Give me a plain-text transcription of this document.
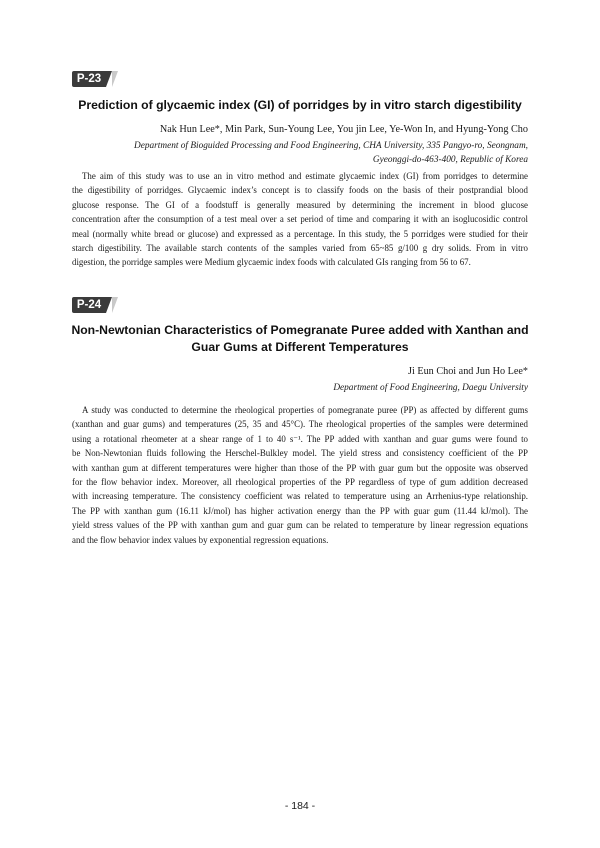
P-23
Prediction of glycaemic index (GI) of porridges by in vitro starch digestibility
Nak Hun Lee*, Min Park, Sun-Young Lee, You jin Lee, Ye-Won In, and Hyung-Yong Cho
Department of Bioguided Processing and Food Engineering, CHA University, 335 Pangyo-ro, Seongnam,
Gyeonggi-do-463-400, Republic of Korea
The aim of this study was to use an in vitro method and estimate glycaemic index (GI) from porridges to determine
the digestibility of porridges. Glycaemic index’s concept is to classify foods on the basis of their postprandial blood
glucose response. The GI of a foodstuff is generally measured by determining the increment in blood glucose
concentration after the consumption of a test meal over a set period of time and comparing it with an isoglucosidic control
meal (normally white bread or glucose) and expressed as a percentage. In this study, the 5 porridges were studied for their
starch digestibility. The available starch contents of the samples varied from 65~85 g/100 g dry solids. From in vitro
digestion, the porridge samples were Medium glycaemic index foods with calculated GIs ranging from 56 to 67.
P-24
Non-Newtonian Characteristics of Pomegranate Puree added with Xanthan and
Guar Gums at Different Temperatures
Ji Eun Choi and Jun Ho Lee*
Department of Food Engineering, Daegu University
A study was conducted to determine the rheological properties of pomegranate puree (PP) as affected by different gums
(xanthan and guar gums) and temperatures (25, 35 and 45°C). The rheological properties of the samples were determined
using a rotational rheometer at a shear range of 1 to 40 s⁻¹. The PP added with xanthan and guar gums were found to
be Non-Newtonian fluids following the Herschel-Bulkley model. The yield stress and consistency coefficient of the PP
with xanthan gum at different temperatures were higher than those of the PP with guar gum but the opposite was observed
for the flow behavior index. Moreover, all rheological properties of the PP regardless of type of gum addition decreased
with increasing temperature. The consistency coefficient was related to temperature using an Arrhenius-type relationship.
The PP with xanthan gum (16.11 kJ/mol) has higher activation energy than the PP with guar gum (11.44 kJ/mol). The
yield stress values of the PP with xanthan gum and guar gum can be related to temperature by linear regression equations
and the flow behavior index values by exponential regression equations.
- 184 -
